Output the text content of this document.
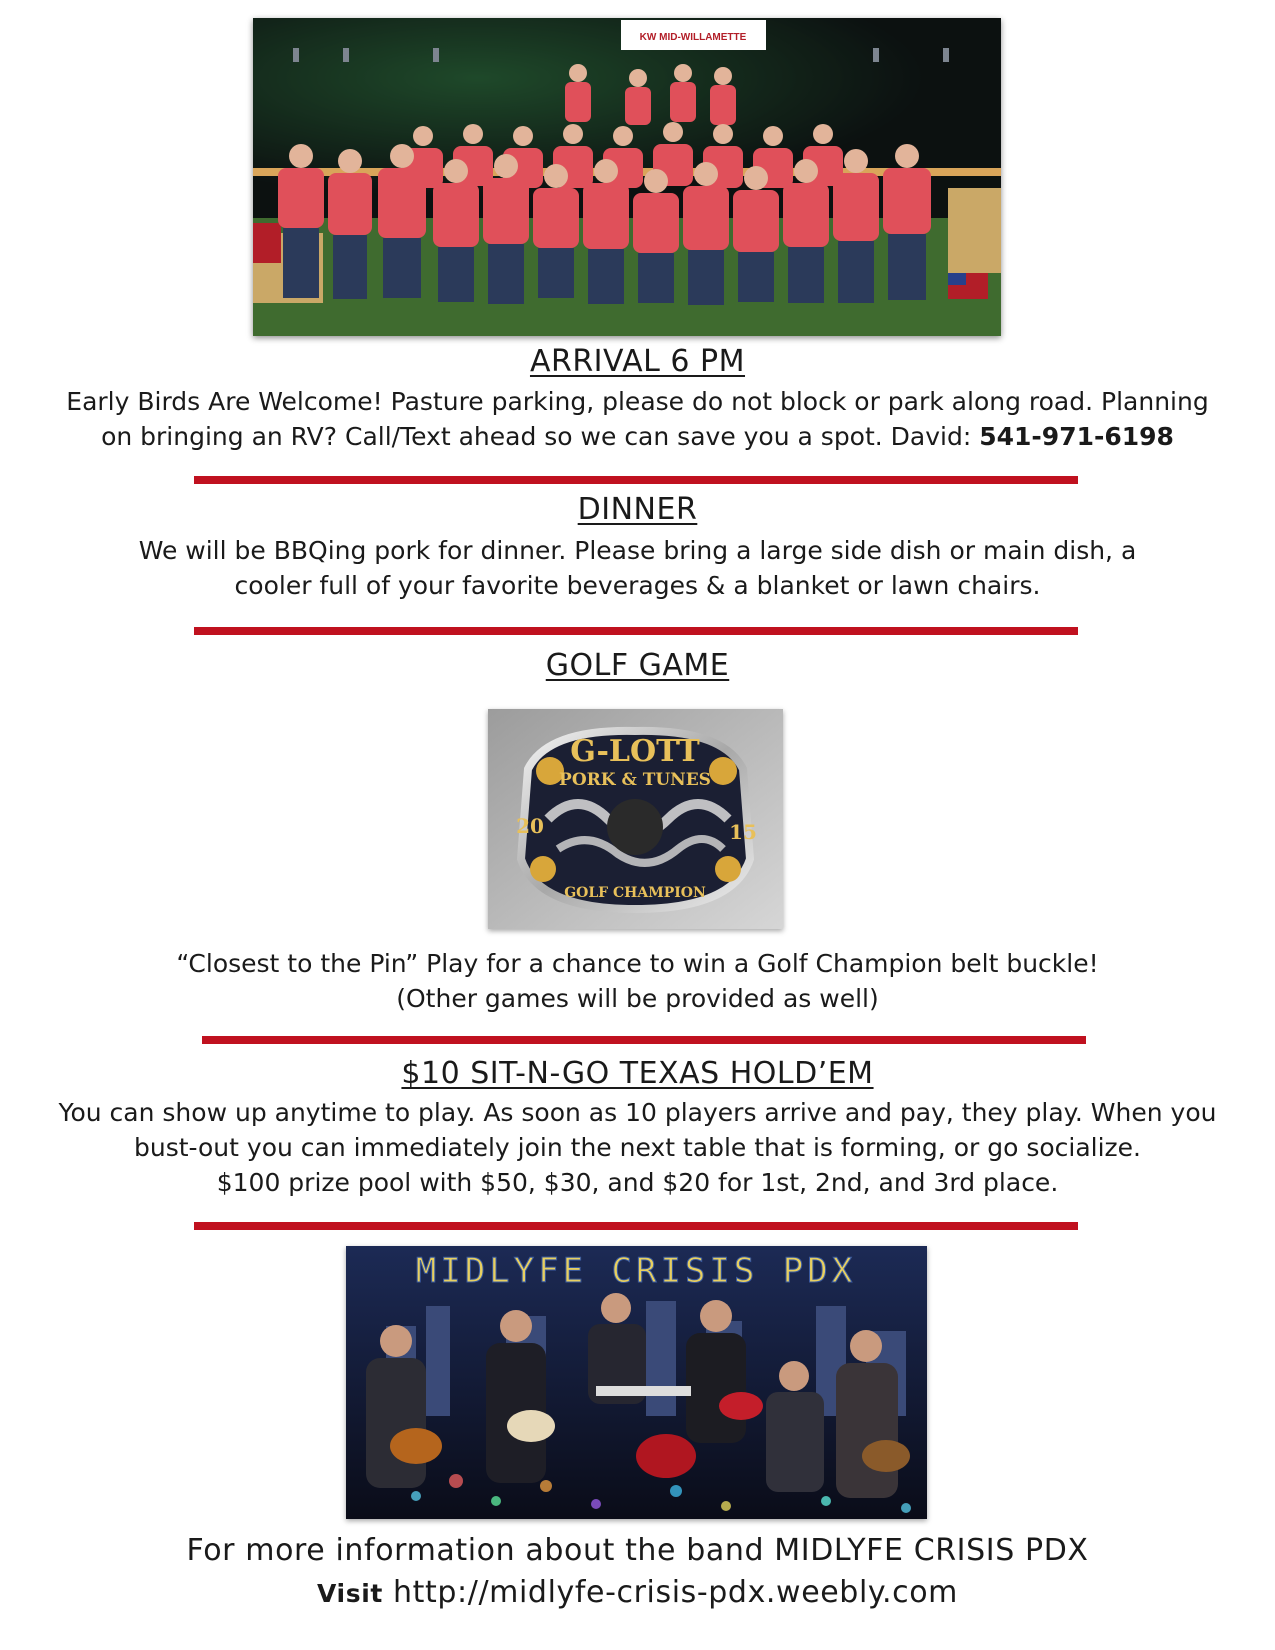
KW MID-WILLAMETTE
ARRIVAL 6 PM
Early Birds Are Welcome! Pasture parking, please do not block or park along road. Planning
on bringing an RV? Call/Text ahead so we can save you a spot. David: 541-971-6198
DINNER
We will be BBQing pork for dinner. Please bring a large side dish or main dish, a
cooler full of your favorite beverages & a blanket or lawn chairs.
GOLF GAME
G-LOTT
PORK & TUNES
20	15
GOLF CHAMPION
“Closest to the Pin” Play for a chance to win a Golf Champion belt buckle!
(Other games will be provided as well)
$10 SIT-N-GO TEXAS HOLD’EM
You can show up anytime to play. As soon as 10 players arrive and pay, they play. When you
bust-out you can immediately join the next table that is forming, or go socialize.
$100 prize pool with $50, $30, and $20 for 1st, 2nd, and 3rd place.
MIDLYFE CRISIS PDX
For more information about the band MIDLYFE CRISIS PDX
Visit http://midlyfe-crisis-pdx.weebly.com
